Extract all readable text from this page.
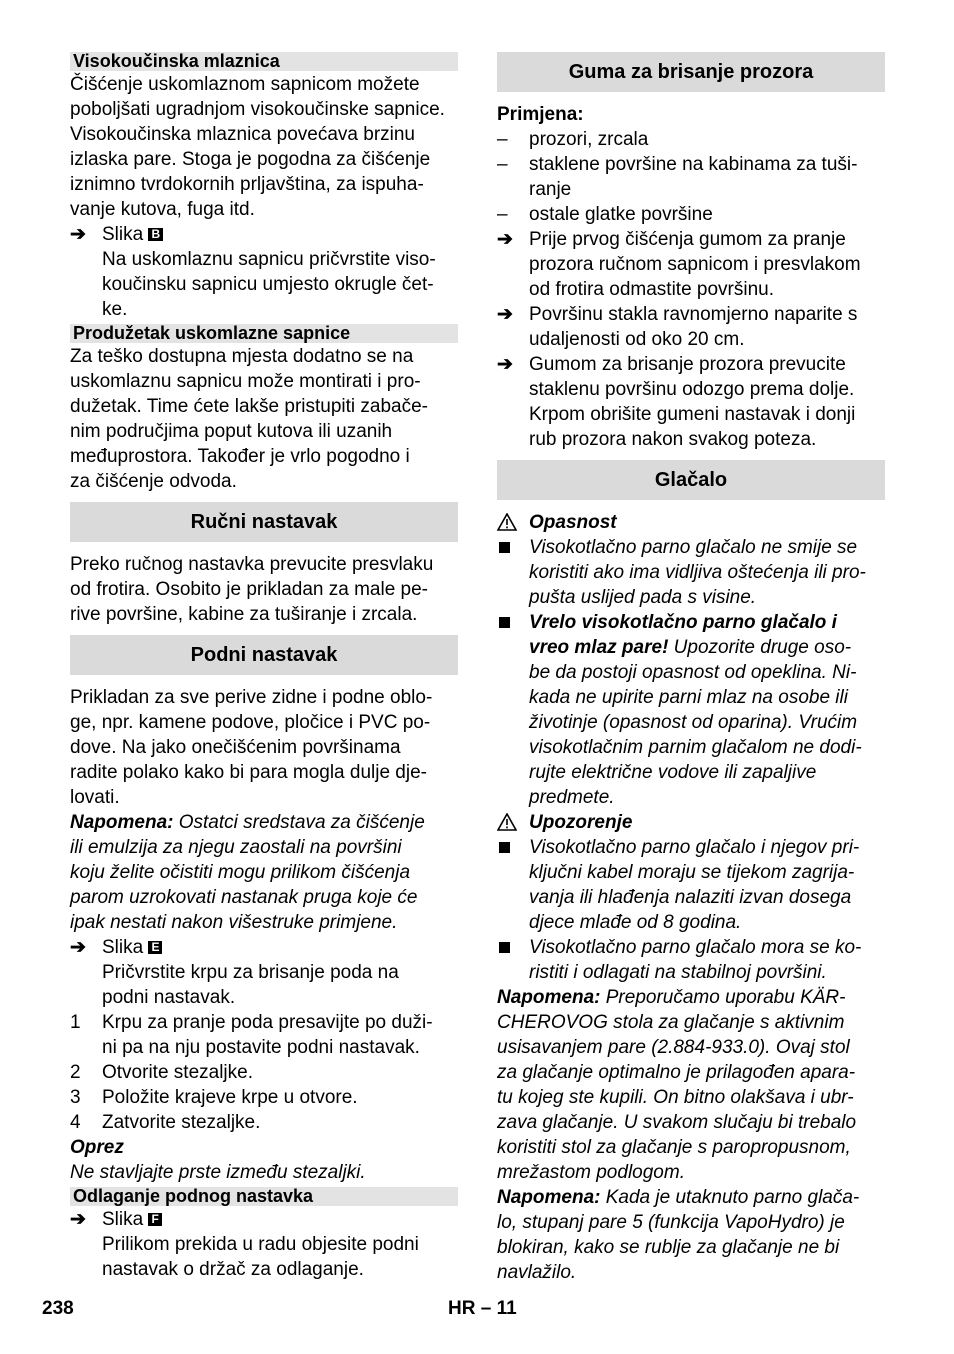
Visokoučinska mlaznica

Čišćenje uskomlaznom sapnicom možete

poboljšati ugradnjom visokoučinske sapnice.

Visokoučinska mlaznica povećava brzinu

izlaska pare. Stoga je pogodna za čišćenje

iznimno tvrdokornih prljavština, za ispuha-

vanje kutova, fuga itd.

➔ Slika B

Na uskomlaznu sapnicu pričvrstite viso-

koučinsku sapnicu umjesto okrugle čet-

ke.

Produžetak uskomlazne sapnice

Za teško dostupna mjesta dodatno se na

uskomlaznu sapnicu može montirati i pro-

dužetak. Time ćete lakše pristupiti zabače-

nim područjima poput kutova ili uzanih

međuprostora. Također je vrlo pogodno i

za čišćenje odvoda.

Ručni nastavak

Preko ručnog nastavka prevucite presvlaku

od frotira. Osobito je prikladan za male pe-

rive površine, kabine za tuširanje i zrcala.

Podni nastavak

Prikladan za sve perive zidne i podne oblo-

ge, npr. kamene podove, pločice i PVC po-

dove. Na jako onečišćenim površinama

radite polako kako bi para mogla dulje dje-

lovati.

Napomena: Ostatci sredstava za čišćenje

ili emulzija za njegu zaostali na površini

koju želite očistiti mogu prilikom čišćenja

parom uzrokovati nastanak pruga koje će

ipak nestati nakon višestruke primjene.

➔ Slika E

Pričvrstite krpu za brisanje poda na

podni nastavak.

1	Krpu za pranje poda presavijte po duži-

ni pa na nju postavite podni nastavak.

2	Otvorite stezaljke.
3	Položite krajeve krpe u otvore.
4	Zatvorite stezaljke.

Oprez

Ne stavljajte prste između stezaljki.

Odlaganje podnog nastavka
➔ Slika F

Prilikom prekida u radu objesite podni

nastavak o držač za odlaganje.

Guma za brisanje prozora

Primjena:

–	prozori, zrcala
–	staklene površine na kabinama za tuši-

ranje

–	ostale glatke površine
➔ Prije prvog čišćenja gumom za pranje

prozora ručnom sapnicom i presvlakom

od frotira odmastite površinu.

➔ Površinu stakla ravnomjerno naparite s

udaljenosti od oko 20 cm.

➔ Gumom za brisanje prozora prevucite

staklenu površinu odozgo prema dolje.

Krpom obrišite gumeni nastavak i donji

rub prozora nakon svakog poteza.

Glačalo
Opasnost

Visokotlačno parno glačalo ne smije se

koristiti ako ima vidljiva oštećenja ili pro-

pušta uslijed pada s visine.

Vrelo visokotlačno parno glačalo i

vreo mlaz pare! Upozorite druge oso-

be da postoji opasnost od opeklina. Ni-

kada ne upirite parni mlaz na osobe ili

životinje (opasnost od oparina). Vrućim

visokotlačnim parnim glačalom ne dodi-

rujte električne vodove ili zapaljive

predmete.

Upozorenje

Visokotlačno parno glačalo i njegov pri-

ključni kabel moraju se tijekom zagrija-

vanja ili hlađenja nalaziti izvan dosega

djece mlađe od 8 godina.

Visokotlačno parno glačalo mora se ko-

ristiti i odlagati na stabilnoj površini.

Napomena: Preporučamo uporabu KÄR-

CHEROVOG stola za glačanje s aktivnim

usisavanjem pare (2.884-933.0). Ovaj stol

za glačanje optimalno je prilagođen apara-

tu kojeg ste kupili. On bitno olakšava i ubr-

zava glačanje. U svakom slučaju bi trebalo

koristiti stol za glačanje s paropropusnom,

mrežastom podlogom.

Napomena: Kada je utaknuto parno glača-

lo, stupanj pare 5 (funkcija VapoHydro) je

blokiran, kako se rublje za glačanje ne bi

navlažilo.

238	HR – 11
